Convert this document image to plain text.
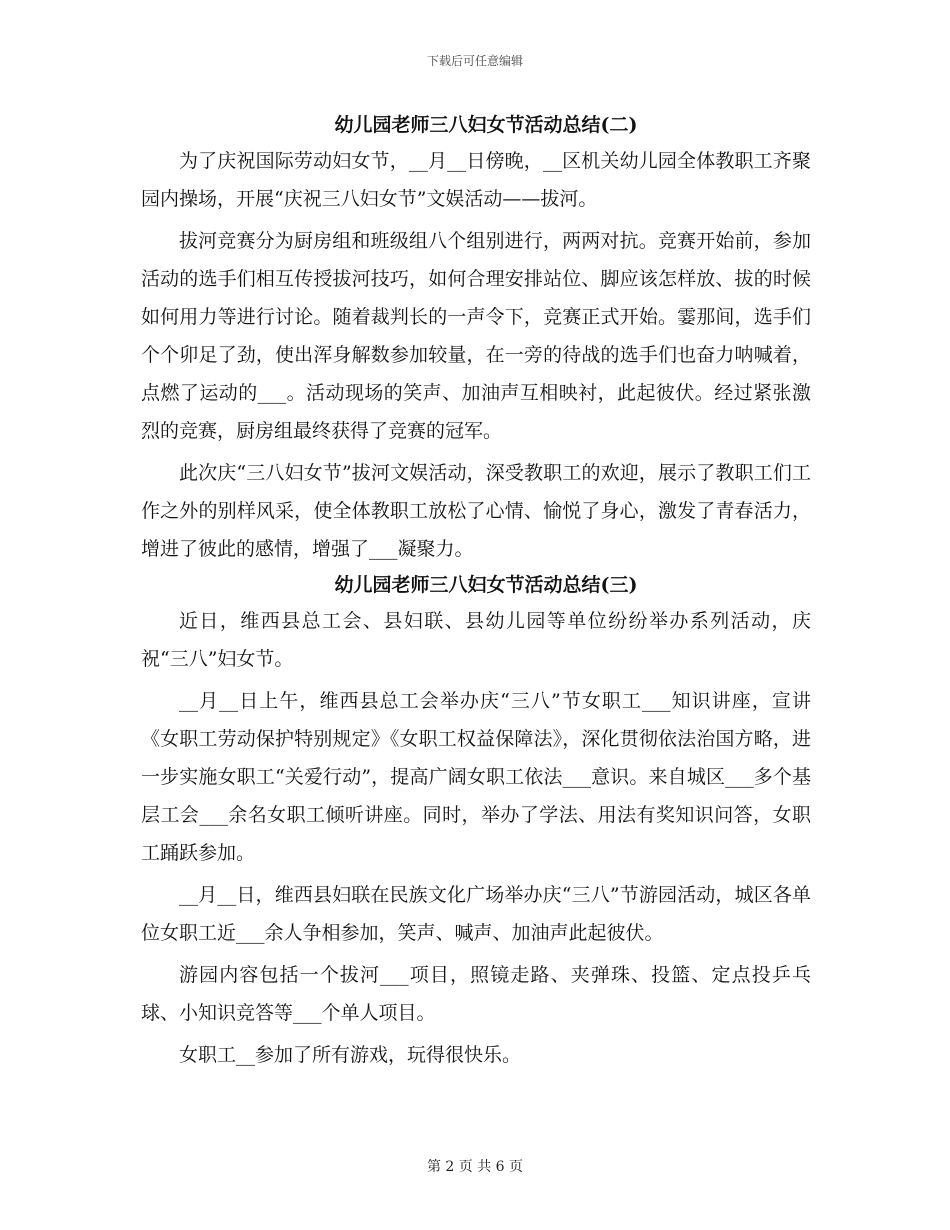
下载后可任意编辑
幼儿园老师三八妇女节活动总结(二)

为了庆祝国际劳动妇女节，__月__日傍晚，__区机关幼儿园全体教职工齐聚园内操场，开展“庆祝三八妇女节”文娱活动——拔河。

拔河竞赛分为厨房组和班级组八个组别进行，两两对抗。竞赛开始前，参加活动的选手们相互传授拔河技巧，如何合理安排站位、脚应该怎样放、拔的时候如何用力等进行讨论。随着裁判长的一声令下，竞赛正式开始。霎那间，选手们个个卯足了劲，使出浑身解数参加较量，在一旁的待战的选手们也奋力呐喊着，点燃了运动的___。活动现场的笑声、加油声互相映衬，此起彼伏。经过紧张激烈的竞赛，厨房组最终获得了竞赛的冠军。

此次庆“三八妇女节”拔河文娱活动，深受教职工的欢迎，展示了教职工们工作之外的别样风采，使全体教职工放松了心情、愉悦了身心，激发了青春活力，增进了彼此的感情，增强了___凝聚力。

幼儿园老师三八妇女节活动总结(三)

近日，维西县总工会、县妇联、县幼儿园等单位纷纷举办系列活动，庆祝“三八”妇女节。

__月__日上午，维西县总工会举办庆“三八”节女职工___知识讲座，宣讲《女职工劳动保护特别规定》《女职工权益保障法》，深化贯彻依法治国方略，进一步实施女职工“关爱行动”，提高广阔女职工依法___意识。来自城区___多个基层工会___余名女职工倾听讲座。同时，举办了学法、用法有奖知识问答，女职工踊跃参加。

__月__日，维西县妇联在民族文化广场举办庆“三八”节游园活动，城区各单位女职工近___余人争相参加，笑声、喊声、加油声此起彼伏。

游园内容包括一个拔河___项目，照镜走路、夹弹珠、投篮、定点投乒乓球、小知识竞答等___个单人项目。

女职工__参加了所有游戏，玩得很快乐。

第 2 页 共 6 页
